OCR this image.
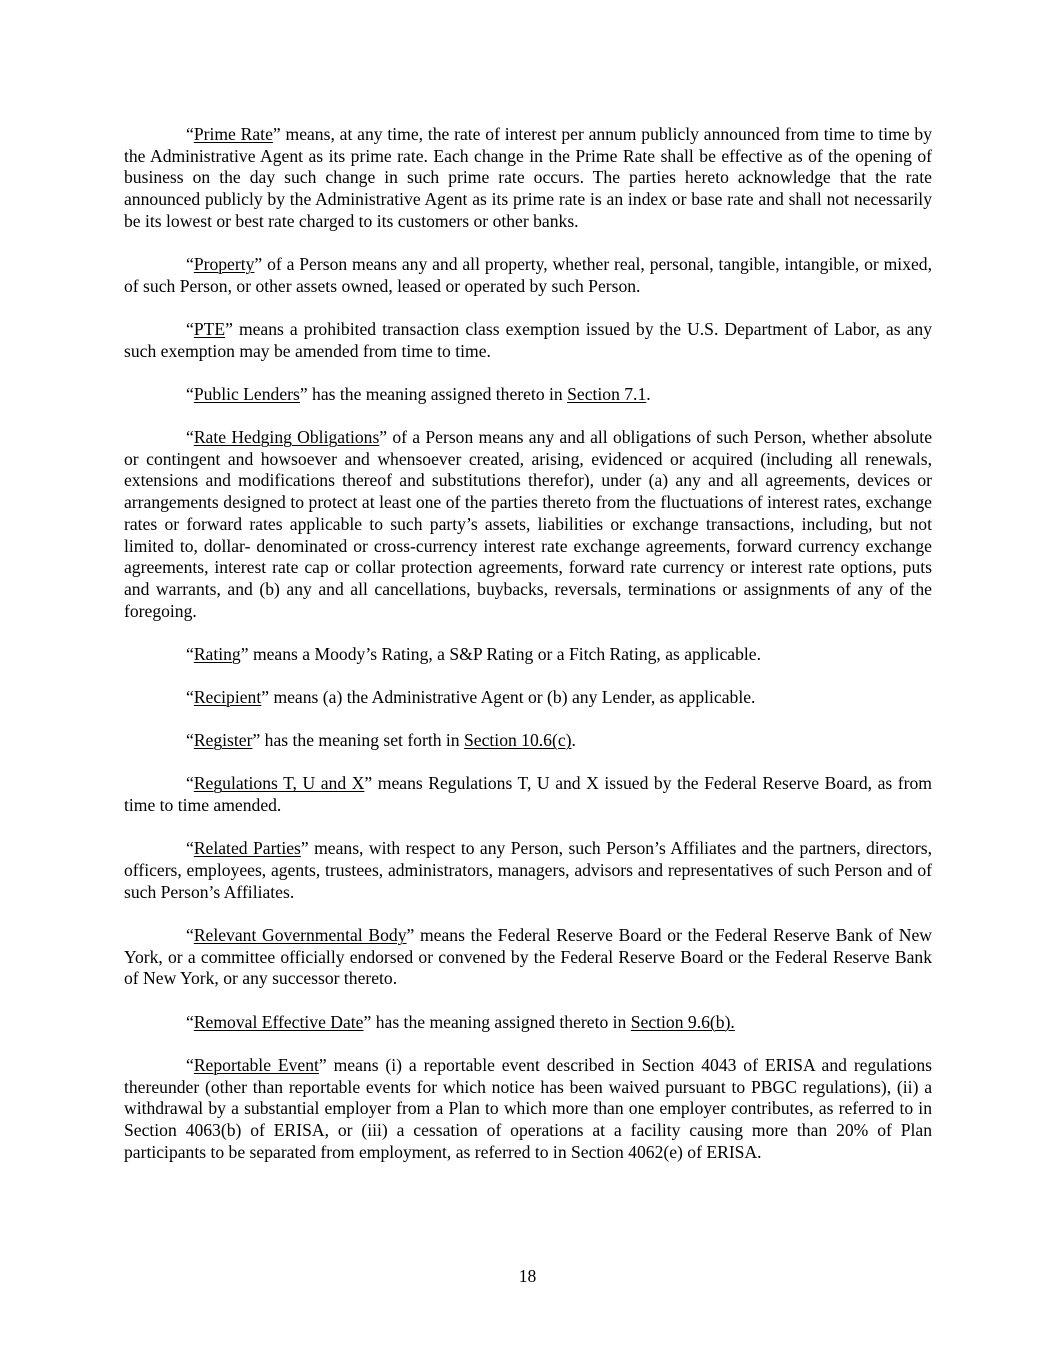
“Prime Rate” means, at any time, the rate of interest per annum publicly announced from time to time by the Administrative Agent as its prime rate. Each change in the Prime Rate shall be effective as of the opening of business on the day such change in such prime rate occurs. The parties hereto acknowledge that the rate announced publicly by the Administrative Agent as its prime rate is an index or base rate and shall not necessarily be its lowest or best rate charged to its customers or other banks.

“Property” of a Person means any and all property, whether real, personal, tangible, intangible, or mixed, of such Person, or other assets owned, leased or operated by such Person.

“PTE” means a prohibited transaction class exemption issued by the U.S. Department of Labor, as any such exemption may be amended from time to time.

“Public Lenders” has the meaning assigned thereto in Section 7.1.

“Rate Hedging Obligations” of a Person means any and all obligations of such Person, whether absolute or contingent and howsoever and whensoever created, arising, evidenced or acquired (including all renewals, extensions and modifications thereof and substitutions therefor), under (a) any and all agreements, devices or arrangements designed to protect at least one of the parties thereto from the fluctuations of interest rates, exchange rates or forward rates applicable to such party’s assets, liabilities or exchange transactions, including, but not limited to, dollar- denominated or cross-currency interest rate exchange agreements, forward currency exchange agreements, interest rate cap or collar protection agreements, forward rate currency or interest rate options, puts and warrants, and (b) any and all cancellations, buybacks, reversals, terminations or assignments of any of the foregoing.

“Rating” means a Moody’s Rating, a S&P Rating or a Fitch Rating, as applicable.

“Recipient” means (a) the Administrative Agent or (b) any Lender, as applicable.

“Register” has the meaning set forth in Section 10.6(c).

“Regulations T, U and X” means Regulations T, U and X issued by the Federal Reserve Board, as from time to time amended.

“Related Parties” means, with respect to any Person, such Person’s Affiliates and the partners, directors, officers, employees, agents, trustees, administrators, managers, advisors and representatives of such Person and of such Person’s Affiliates.

“Relevant Governmental Body” means the Federal Reserve Board or the Federal Reserve Bank of New York, or a committee officially endorsed or convened by the Federal Reserve Board or the Federal Reserve Bank of New York, or any successor thereto.

“Removal Effective Date” has the meaning assigned thereto in Section 9.6(b).

“Reportable Event” means (i) a reportable event described in Section 4043 of ERISA and regulations thereunder (other than reportable events for which notice has been waived pursuant to PBGC regulations), (ii) a withdrawal by a substantial employer from a Plan to which more than one employer contributes, as referred to in Section 4063(b) of ERISA, or (iii) a cessation of operations at a facility causing more than 20% of Plan participants to be separated from employment, as referred to in Section 4062(e) of ERISA.

18
